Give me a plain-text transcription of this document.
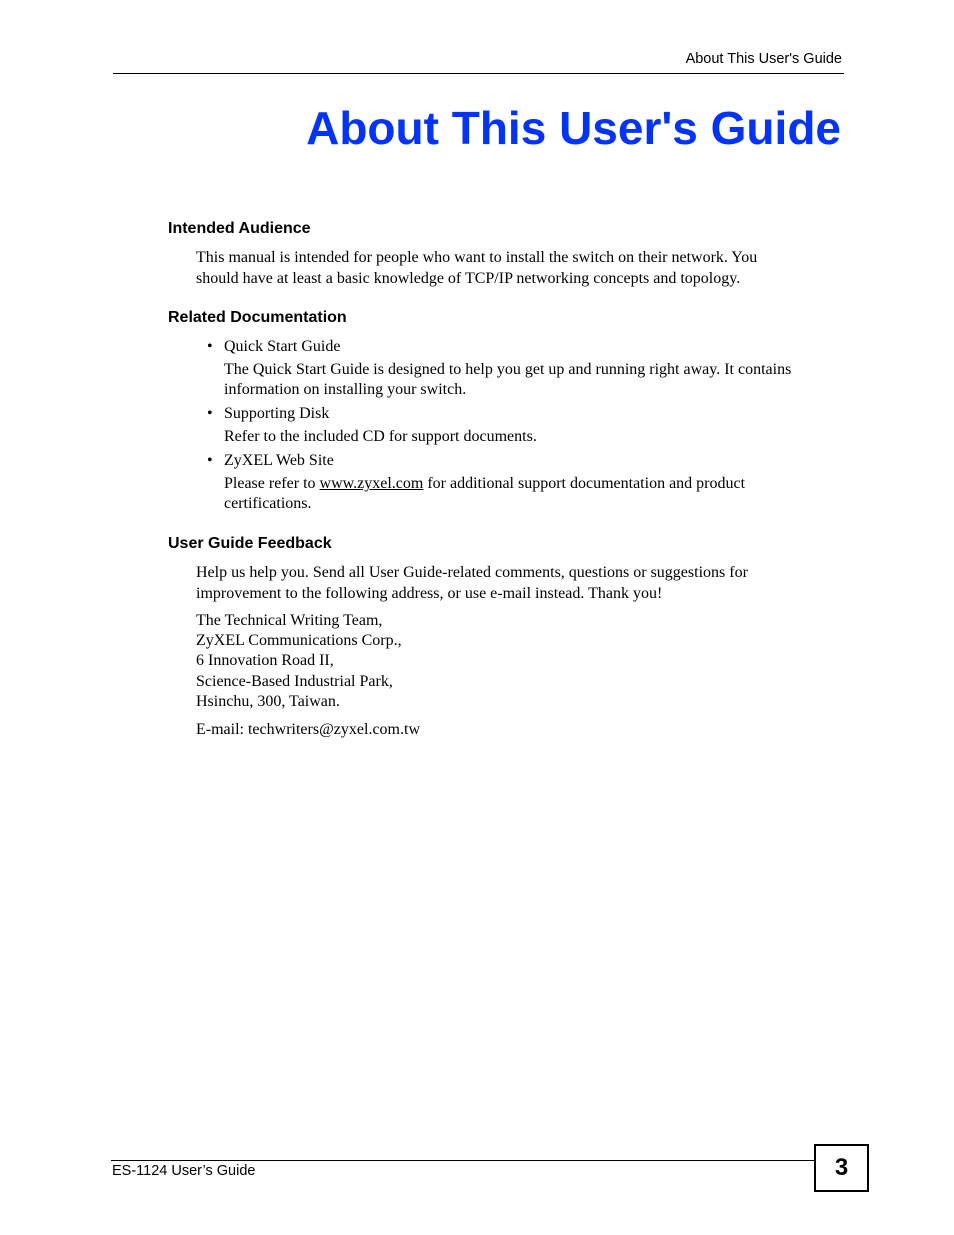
About This User's Guide
About This User's Guide
Intended Audience
This manual is intended for people who want to install the switch on their network. You
should have at least a basic knowledge of TCP/IP networking concepts and topology.
Related Documentation
• Quick Start Guide
The Quick Start Guide is designed to help you get up and running right away. It contains
information on installing your switch.
• Supporting Disk
Refer to the included CD for support documents.
• ZyXEL Web Site
Please refer to www.zyxel.com for additional support documentation and product
certifications.
User Guide Feedback
Help us help you. Send all User Guide-related comments, questions or suggestions for
improvement to the following address, or use e-mail instead. Thank you!
The Technical Writing Team,
ZyXEL Communications Corp.,
6 Innovation Road II,
Science-Based Industrial Park,
Hsinchu, 300, Taiwan.
E-mail: techwriters@zyxel.com.tw
ES-1124 User’s Guide	3
